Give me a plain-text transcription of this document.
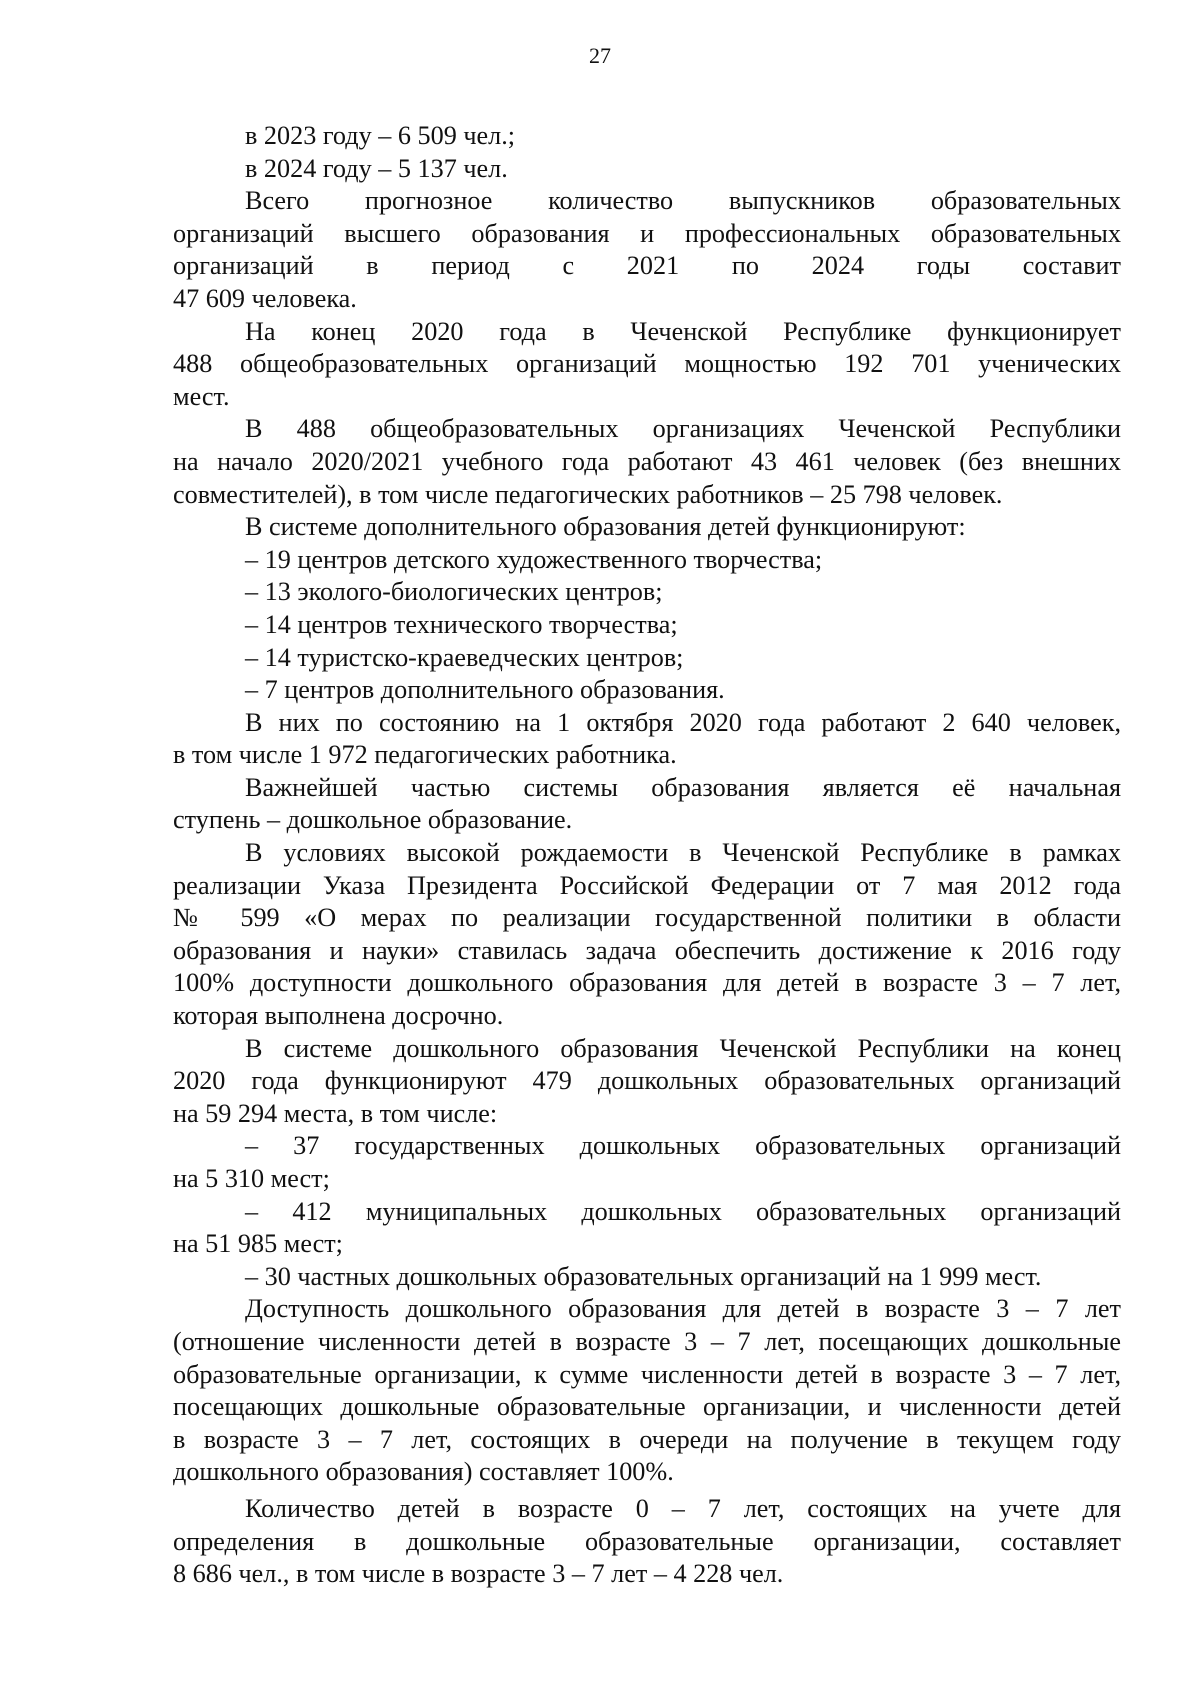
27
в 2023 году – 6 509 чел.;
в 2024 году – 5 137 чел.
Всего прогнозное количество выпускников образовательных
организаций высшего образования и профессиональных образовательных
организаций в период с 2021 по 2024 годы составит
47 609 человека.
На конец 2020 года в Чеченской Республике функционирует
488 общеобразовательных организаций мощностью 192 701 ученических
мест.
В 488 общеобразовательных организациях Чеченской Республики
на начало 2020/2021 учебного года работают 43 461 человек (без внешних
совместителей), в том числе педагогических работников – 25 798 человек.
В системе дополнительного образования детей функционируют:
– 19 центров детского художественного творчества;
– 13 эколого-биологических центров;
– 14 центров технического творчества;
– 14 туристско-краеведческих центров;
– 7 центров дополнительного образования.
В них по состоянию на 1 октября 2020 года работают 2 640 человек,
в том числе 1 972 педагогических работника.
Важнейшей частью системы образования является её начальная
ступень – дошкольное образование.
В условиях высокой рождаемости в Чеченской Республике в рамках
реализации Указа Президента Российской Федерации от 7 мая 2012 года
№ 599 «О мерах по реализации государственной политики в области
образования и науки» ставилась задача обеспечить достижение к 2016 году
100% доступности дошкольного образования для детей в возрасте 3 – 7 лет,
которая выполнена досрочно.
В системе дошкольного образования Чеченской Республики на конец
2020 года функционируют 479 дошкольных образовательных организаций
на 59 294 места, в том числе:
– 37 государственных дошкольных образовательных организаций
на 5 310 мест;
– 412 муниципальных дошкольных образовательных организаций
на 51 985 мест;
– 30 частных дошкольных образовательных организаций на 1 999 мест.
Доступность дошкольного образования для детей в возрасте 3 – 7 лет
(отношение численности детей в возрасте 3 – 7 лет, посещающих дошкольные
образовательные организации, к сумме численности детей в возрасте 3 – 7 лет,
посещающих дошкольные образовательные организации, и численности детей
в возрасте 3 – 7 лет, состоящих в очереди на получение в текущем году
дошкольного образования) составляет 100%.
Количество детей в возрасте 0 – 7 лет, состоящих на учете для
определения в дошкольные образовательные организации, составляет
8 686 чел., в том числе в возрасте 3 – 7 лет – 4 228 чел.
